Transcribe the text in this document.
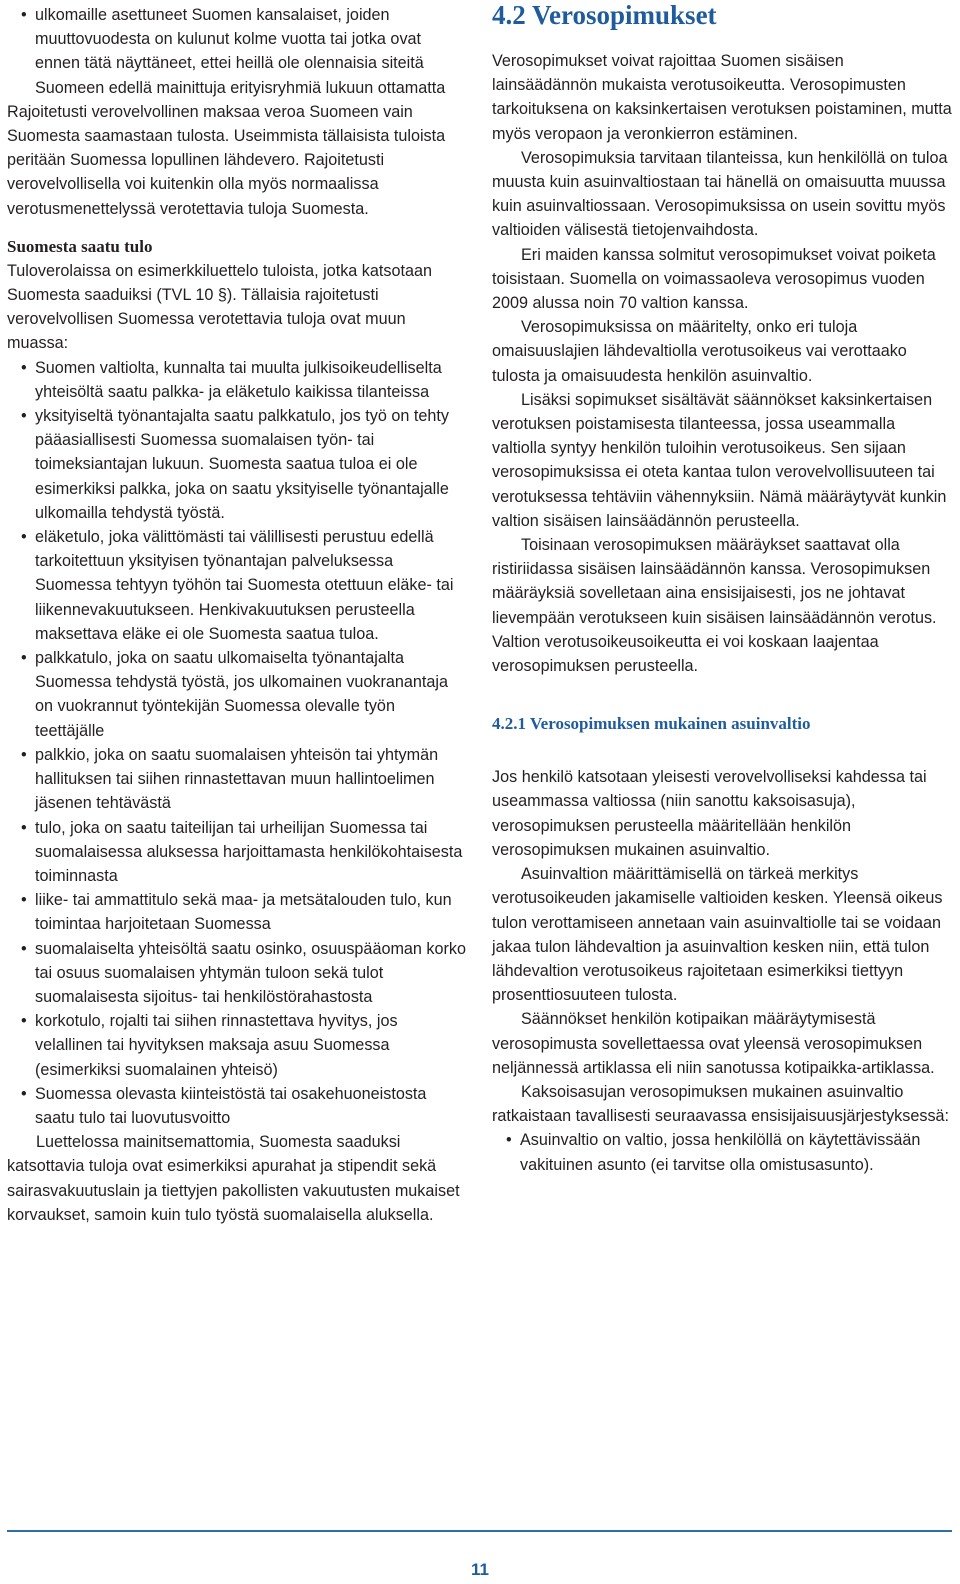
• ulkomaille asettuneet Suomen kansalaiset, joiden muuttovuodesta on kulunut kolme vuotta tai jotka ovat ennen tätä näyttäneet, ettei heillä ole olennaisia siteitä Suomeen edellä mainittuja erityisryhmiä lukuun ottamatta

Rajoitetusti verovelvollinen maksaa veroa Suomeen vain Suomesta saamastaan tulosta. Useimmista tällaisista tuloista peritään Suomessa lopullinen lähdevero. Rajoitetusti verovelvollisella voi kuitenkin olla myös normaalissa verotusmenettelyssä verotettavia tuloja Suomesta.

Suomesta saatu tulo

Tuloverolaissa on esimerkkiluettelo tuloista, jotka katsotaan Suomesta saaduiksi (TVL 10 §). Tällaisia rajoitetusti verovelvollisen Suomessa verotettavia tuloja ovat muun muassa:

• Suomen valtiolta, kunnalta tai muulta julkisoikeudelliselta yhteisöltä saatu palkka- ja eläketulo kaikissa tilanteissa
• yksityiseltä työnantajalta saatu palkkatulo, jos työ on tehty pääasiallisesti Suomessa suomalaisen työn- tai toimeksiantajan lukuun. Suomesta saatua tuloa ei ole esimerkiksi palkka, joka on saatu yksityiselle työnantajalle ulkomailla tehdystä työstä.
• eläketulo, joka välittömästi tai välillisesti perustuu edellä tarkoitettuun yksityisen työnantajan palveluksessa Suomessa tehtyyn työhön tai Suomesta otettuun eläke- tai liikennevakuutukseen. Henkivakuutuksen perusteella maksettava eläke ei ole Suomesta saatua tuloa.
• palkkatulo, joka on saatu ulkomaiselta työnantajalta Suomessa tehdystä työstä, jos ulkomainen vuokranantaja on vuokrannut työntekijän Suomessa olevalle työn teettäjälle
• palkkio, joka on saatu suomalaisen yhteisön tai yhtymän hallituksen tai siihen rinnastettavan muun hallintoelimen jäsenen tehtävästä
• tulo, joka on saatu taiteilijan tai urheilijan Suomessa tai suomalaisessa aluksessa harjoittamasta henkilökohtaisesta toiminnasta
• liike- tai ammattitulo sekä maa- ja metsätalouden tulo, kun toimintaa harjoitetaan Suomessa
• suomalaiselta yhteisöltä saatu osinko, osuuspääoman korko tai osuus suomalaisen yhtymän tuloon sekä tulot suomalaisesta sijoitus- tai henkilöstörahastosta
• korkotulo, rojalti tai siihen rinnastettava hyvitys, jos velallinen tai hyvityksen maksaja asuu Suomessa (esimerkiksi suomalainen yhteisö)
• Suomessa olevasta kiinteistöstä tai osakehuoneistosta saatu tulo tai luovutusvoitto

Luettelossa mainitsemattomia, Suomesta saaduksi katsottavia tuloja ovat esimerkiksi apurahat ja stipendit sekä sairasvakuutuslain ja tiettyjen pakollisten vakuutusten mukaiset korvaukset, samoin kuin tulo työstä suomalaisella aluksella.

4.2 Verosopimukset

Verosopimukset voivat rajoittaa Suomen sisäisen lainsäädännön mukaista verotusoikeutta. Verosopimusten tarkoituksena on kaksinkertaisen verotuksen poistaminen, mutta myös veropaon ja veronkierron estäminen.

Verosopimuksia tarvitaan tilanteissa, kun henkilöllä on tuloa muusta kuin asuinvaltiostaan tai hänellä on omaisuutta muussa kuin asuinvaltiossaan. Verosopimuksissa on usein sovittu myös valtioiden välisestä tietojenvaihdosta.

Eri maiden kanssa solmitut verosopimukset voivat poiketa toisistaan. Suomella on voimassaoleva verosopimus vuoden 2009 alussa noin 70 valtion kanssa.

Verosopimuksissa on määritelty, onko eri tuloja omaisuuslajien lähdevaltiolla verotusoikeus vai verottaako tulosta ja omaisuudesta henkilön asuinvaltio.

Lisäksi sopimukset sisältävät säännökset kaksinkertaisen verotuksen poistamisesta tilanteessa, jossa useammalla valtiolla syntyy henkilön tuloihin verotusoikeus. Sen sijaan verosopimuksissa ei oteta kantaa tulon verovelvollisuuteen tai verotuksessa tehtäviin vähennyksiin. Nämä määräytyvät kunkin valtion sisäisen lainsäädännön perusteella.

Toisinaan verosopimuksen määräykset saattavat olla ristiriidassa sisäisen lainsäädännön kanssa. Verosopimuksen määräyksiä sovelletaan aina ensisijaisesti, jos ne johtavat lievempään verotukseen kuin sisäisen lainsäädännön verotus. Valtion verotusoikeusoikeutta ei voi koskaan laajentaa verosopimuksen perusteella.

4.2.1 Verosopimuksen mukainen asuinvaltio

Jos henkilö katsotaan yleisesti verovelvolliseksi kahdessa tai useammassa valtiossa (niin sanottu kaksoisasuja), verosopimuksen perusteella määritellään henkilön verosopimuksen mukainen asuinvaltio.

Asuinvaltion määrittämisellä on tärkeä merkitys verotusoikeuden jakamiselle valtioiden kesken. Yleensä oikeus tulon verottamiseen annetaan vain asuinvaltiolle tai se voidaan jakaa tulon lähdevaltion ja asuinvaltion kesken niin, että tulon lähdevaltion verotusoikeus rajoitetaan esimerkiksi tiettyyn prosenttiosuuteen tulosta.

Säännökset henkilön kotipaikan määräytymisestä verosopimusta sovellettaessa ovat yleensä verosopimuksen neljännessä artiklassa eli niin sanotussa kotipaikka-artiklassa.

Kaksoisasujan verosopimuksen mukainen asuinvaltio ratkaistaan tavallisesti seuraavassa ensisijaisuusjärjestyksessä:

• Asuinvaltio on valtio, jossa henkilöllä on käytettävissään vakituinen asunto (ei tarvitse olla omistusasunto).
11
